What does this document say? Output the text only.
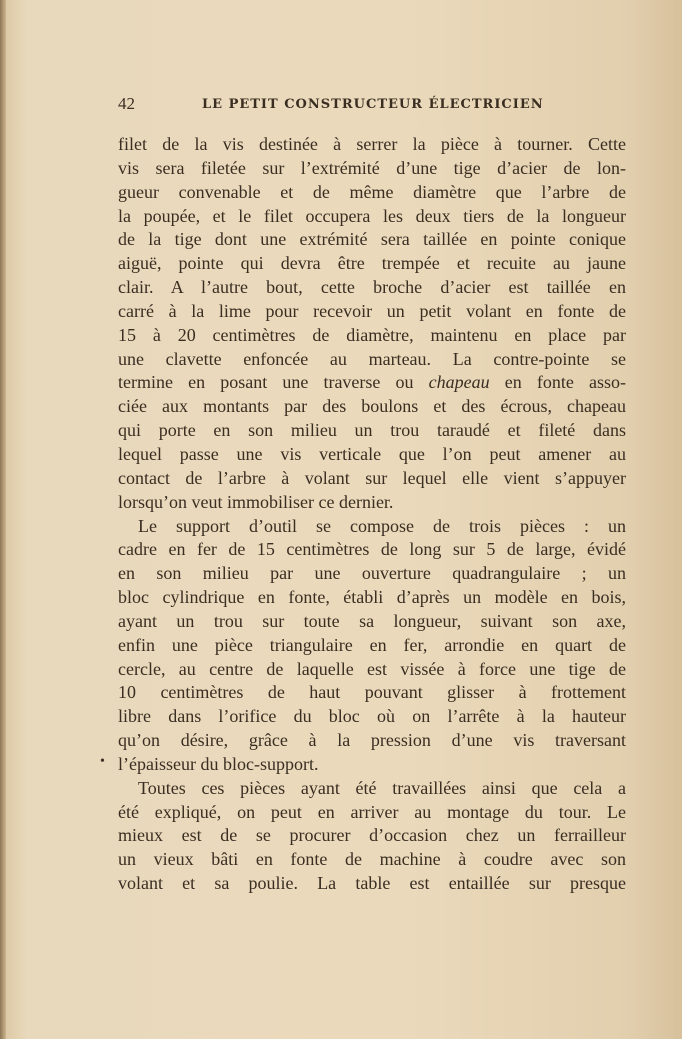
42	LE PETIT CONSTRUCTEUR ÉLECTRICIEN
filet de la vis destinée à serrer la pièce à tourner. Cette
vis sera filetée sur l’extrémité d’une tige d’acier de lon-
gueur convenable et de même diamètre que l’arbre de
la poupée, et le filet occupera les deux tiers de la longueur
de la tige dont une extrémité sera taillée en pointe conique
aiguë, pointe qui devra être trempée et recuite au jaune
clair. A l’autre bout, cette broche d’acier est taillée en
carré à la lime pour recevoir un petit volant en fonte de
15 à 20 centimètres de diamètre, maintenu en place par
une clavette enfoncée au marteau. La contre-pointe se
termine en posant une traverse ou chapeau en fonte asso-
ciée aux montants par des boulons et des écrous, chapeau
qui porte en son milieu un trou taraudé et fileté dans
lequel passe une vis verticale que l’on peut amener au
contact de l’arbre à volant sur lequel elle vient s’appuyer
lorsqu’on veut immobiliser ce dernier.
Le support d’outil se compose de trois pièces : un
cadre en fer de 15 centimètres de long sur 5 de large, évidé
en son milieu par une ouverture quadrangulaire ; un
bloc cylindrique en fonte, établi d’après un modèle en bois,
ayant un trou sur toute sa longueur, suivant son axe,
enfin une pièce triangulaire en fer, arrondie en quart de
cercle, au centre de laquelle est vissée à force une tige de
10 centimètres de haut pouvant glisser à frottement
libre dans l’orifice du bloc où on l’arrête à la hauteur
qu’on désire, grâce à la pression d’une vis traversant
l’épaisseur du bloc-support.
Toutes ces pièces ayant été travaillées ainsi que cela a
été expliqué, on peut en arriver au montage du tour. Le
mieux est de se procurer d’occasion chez un ferrailleur
un vieux bâti en fonte de machine à coudre avec son
volant et sa poulie. La table est entaillée sur presque
•
